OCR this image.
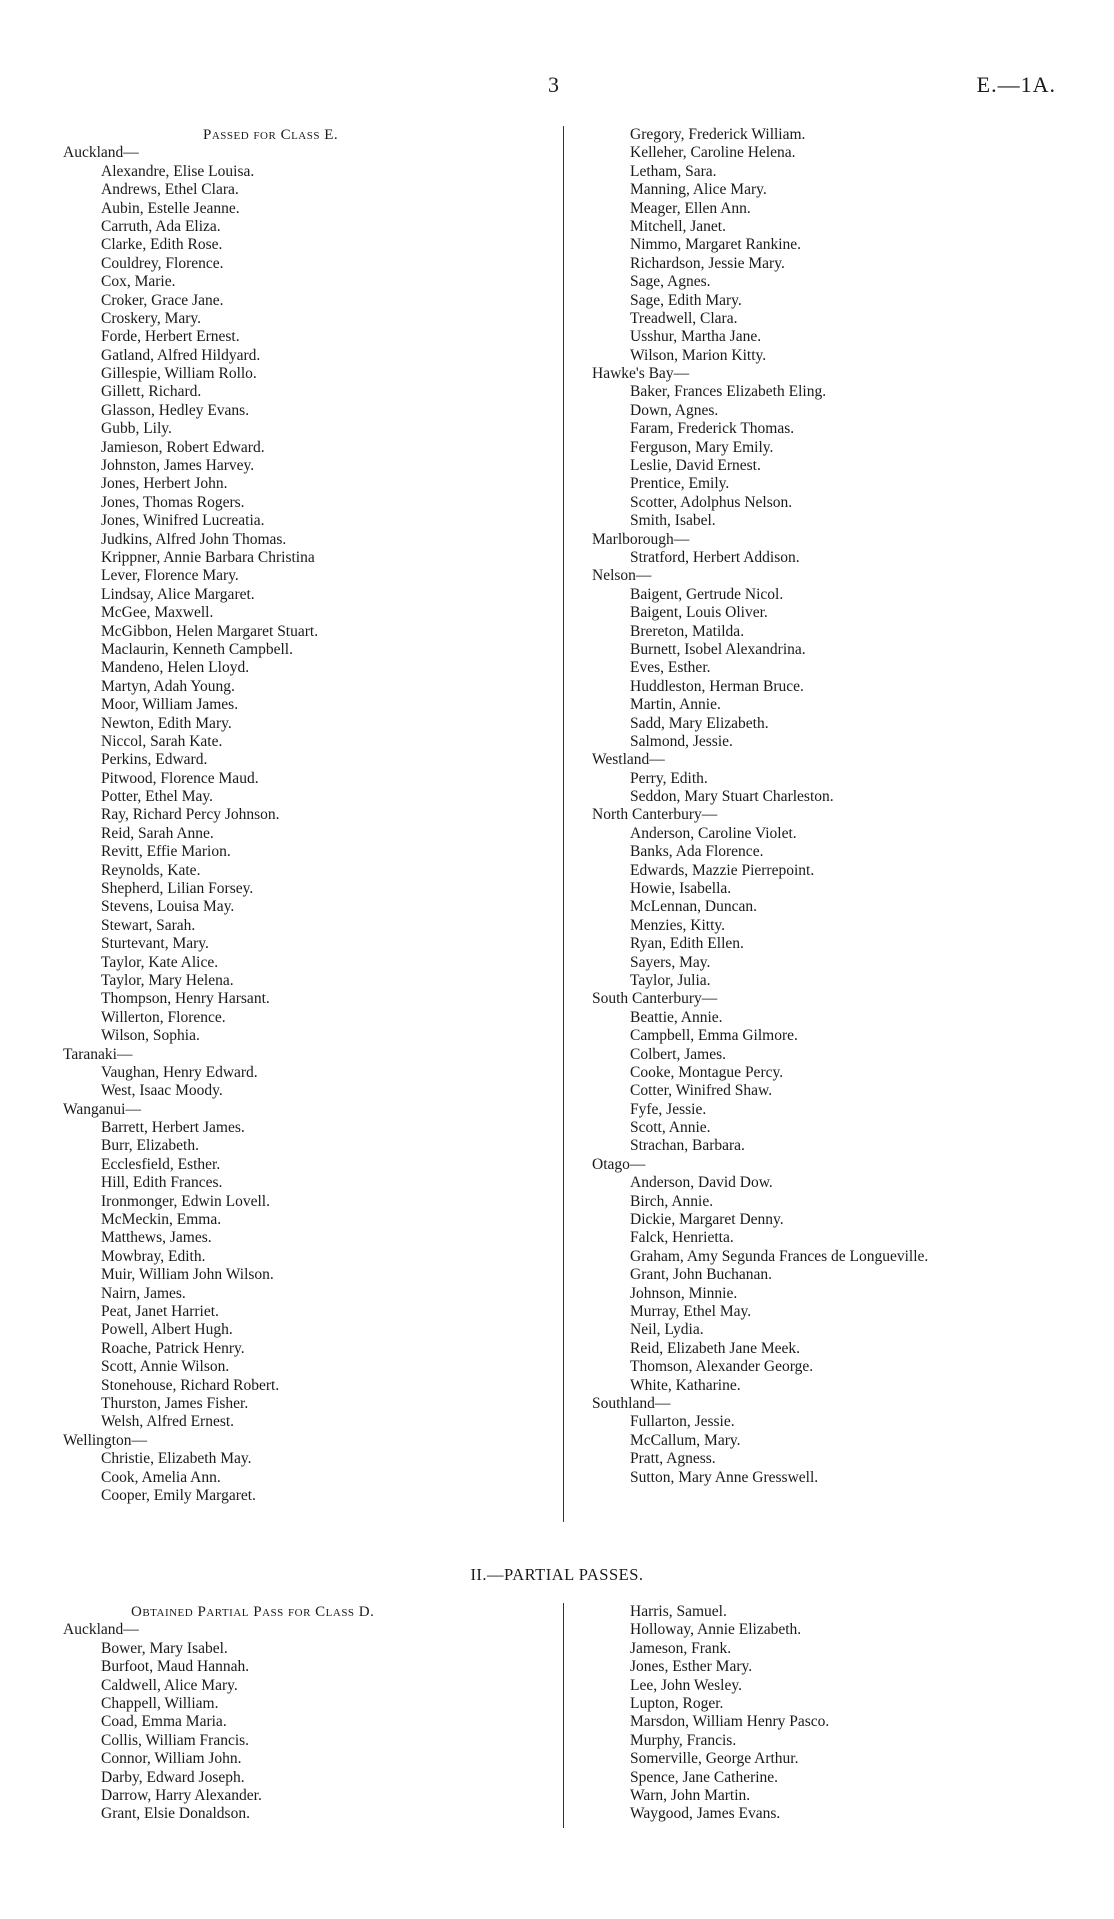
3	E.—1A.
Passed for Class E.
Auckland—
Alexandre, Elise Louisa.
Andrews, Ethel Clara.
Aubin, Estelle Jeanne.
Carruth, Ada Eliza.
Clarke, Edith Rose.
Couldrey, Florence.
Cox, Marie.
Croker, Grace Jane.
Croskery, Mary.
Forde, Herbert Ernest.
Gatland, Alfred Hildyard.
Gillespie, William Rollo.
Gillett, Richard.
Glasson, Hedley Evans.
Gubb, Lily.
Jamieson, Robert Edward.
Johnston, James Harvey.
Jones, Herbert John.
Jones, Thomas Rogers.
Jones, Winifred Lucreatia.
Judkins, Alfred John Thomas.
Krippner, Annie Barbara Christina
Lever, Florence Mary.
Lindsay, Alice Margaret.
McGee, Maxwell.
McGibbon, Helen Margaret Stuart.
Maclaurin, Kenneth Campbell.
Mandeno, Helen Lloyd.
Martyn, Adah Young.
Moor, William James.
Newton, Edith Mary.
Niccol, Sarah Kate.
Perkins, Edward.
Pitwood, Florence Maud.
Potter, Ethel May.
Ray, Richard Percy Johnson.
Reid, Sarah Anne.
Revitt, Effie Marion.
Reynolds, Kate.
Shepherd, Lilian Forsey.
Stevens, Louisa May.
Stewart, Sarah.
Sturtevant, Mary.
Taylor, Kate Alice.
Taylor, Mary Helena.
Thompson, Henry Harsant.
Willerton, Florence.
Wilson, Sophia.
Taranaki—
Vaughan, Henry Edward.
West, Isaac Moody.
Wanganui—
Barrett, Herbert James.
Burr, Elizabeth.
Ecclesfield, Esther.
Hill, Edith Frances.
Ironmonger, Edwin Lovell.
McMeckin, Emma.
Matthews, James.
Mowbray, Edith.
Muir, William John Wilson.
Nairn, James.
Peat, Janet Harriet.
Powell, Albert Hugh.
Roache, Patrick Henry.
Scott, Annie Wilson.
Stonehouse, Richard Robert.
Thurston, James Fisher.
Welsh, Alfred Ernest.
Wellington—
Christie, Elizabeth May.
Cook, Amelia Ann.
Cooper, Emily Margaret.
Gregory, Frederick William.
Kelleher, Caroline Helena.
Letham, Sara.
Manning, Alice Mary.
Meager, Ellen Ann.
Mitchell, Janet.
Nimmo, Margaret Rankine.
Richardson, Jessie Mary.
Sage, Agnes.
Sage, Edith Mary.
Treadwell, Clara.
Usshur, Martha Jane.
Wilson, Marion Kitty.
Hawke's Bay—
Baker, Frances Elizabeth Eling.
Down, Agnes.
Faram, Frederick Thomas.
Ferguson, Mary Emily.
Leslie, David Ernest.
Prentice, Emily.
Scotter, Adolphus Nelson.
Smith, Isabel.
Marlborough—
Stratford, Herbert Addison.
Nelson—
Baigent, Gertrude Nicol.
Baigent, Louis Oliver.
Brereton, Matilda.
Burnett, Isobel Alexandrina.
Eves, Esther.
Huddleston, Herman Bruce.
Martin, Annie.
Sadd, Mary Elizabeth.
Salmond, Jessie.
Westland—
Perry, Edith.
Seddon, Mary Stuart Charleston.
North Canterbury—
Anderson, Caroline Violet.
Banks, Ada Florence.
Edwards, Mazzie Pierrepoint.
Howie, Isabella.
McLennan, Duncan.
Menzies, Kitty.
Ryan, Edith Ellen.
Sayers, May.
Taylor, Julia.
South Canterbury—
Beattie, Annie.
Campbell, Emma Gilmore.
Colbert, James.
Cooke, Montague Percy.
Cotter, Winifred Shaw.
Fyfe, Jessie.
Scott, Annie.
Strachan, Barbara.
Otago—
Anderson, David Dow.
Birch, Annie.
Dickie, Margaret Denny.
Falck, Henrietta.
Graham, Amy Segunda Frances de Longueville.
Grant, John Buchanan.
Johnson, Minnie.
Murray, Ethel May.
Neil, Lydia.
Reid, Elizabeth Jane Meek.
Thomson, Alexander George.
White, Katharine.
Southland—
Fullarton, Jessie.
McCallum, Mary.
Pratt, Agness.
Sutton, Mary Anne Gresswell.
II.—PARTIAL PASSES.
Obtained Partial Pass for Class D.
Auckland—
Bower, Mary Isabel.
Burfoot, Maud Hannah.
Caldwell, Alice Mary.
Chappell, William.
Coad, Emma Maria.
Collis, William Francis.
Connor, William John.
Darby, Edward Joseph.
Darrow, Harry Alexander.
Grant, Elsie Donaldson.
Harris, Samuel.
Holloway, Annie Elizabeth.
Jameson, Frank.
Jones, Esther Mary.
Lee, John Wesley.
Lupton, Roger.
Marsdon, William Henry Pasco.
Murphy, Francis.
Somerville, George Arthur.
Spence, Jane Catherine.
Warn, John Martin.
Waygood, James Evans.
